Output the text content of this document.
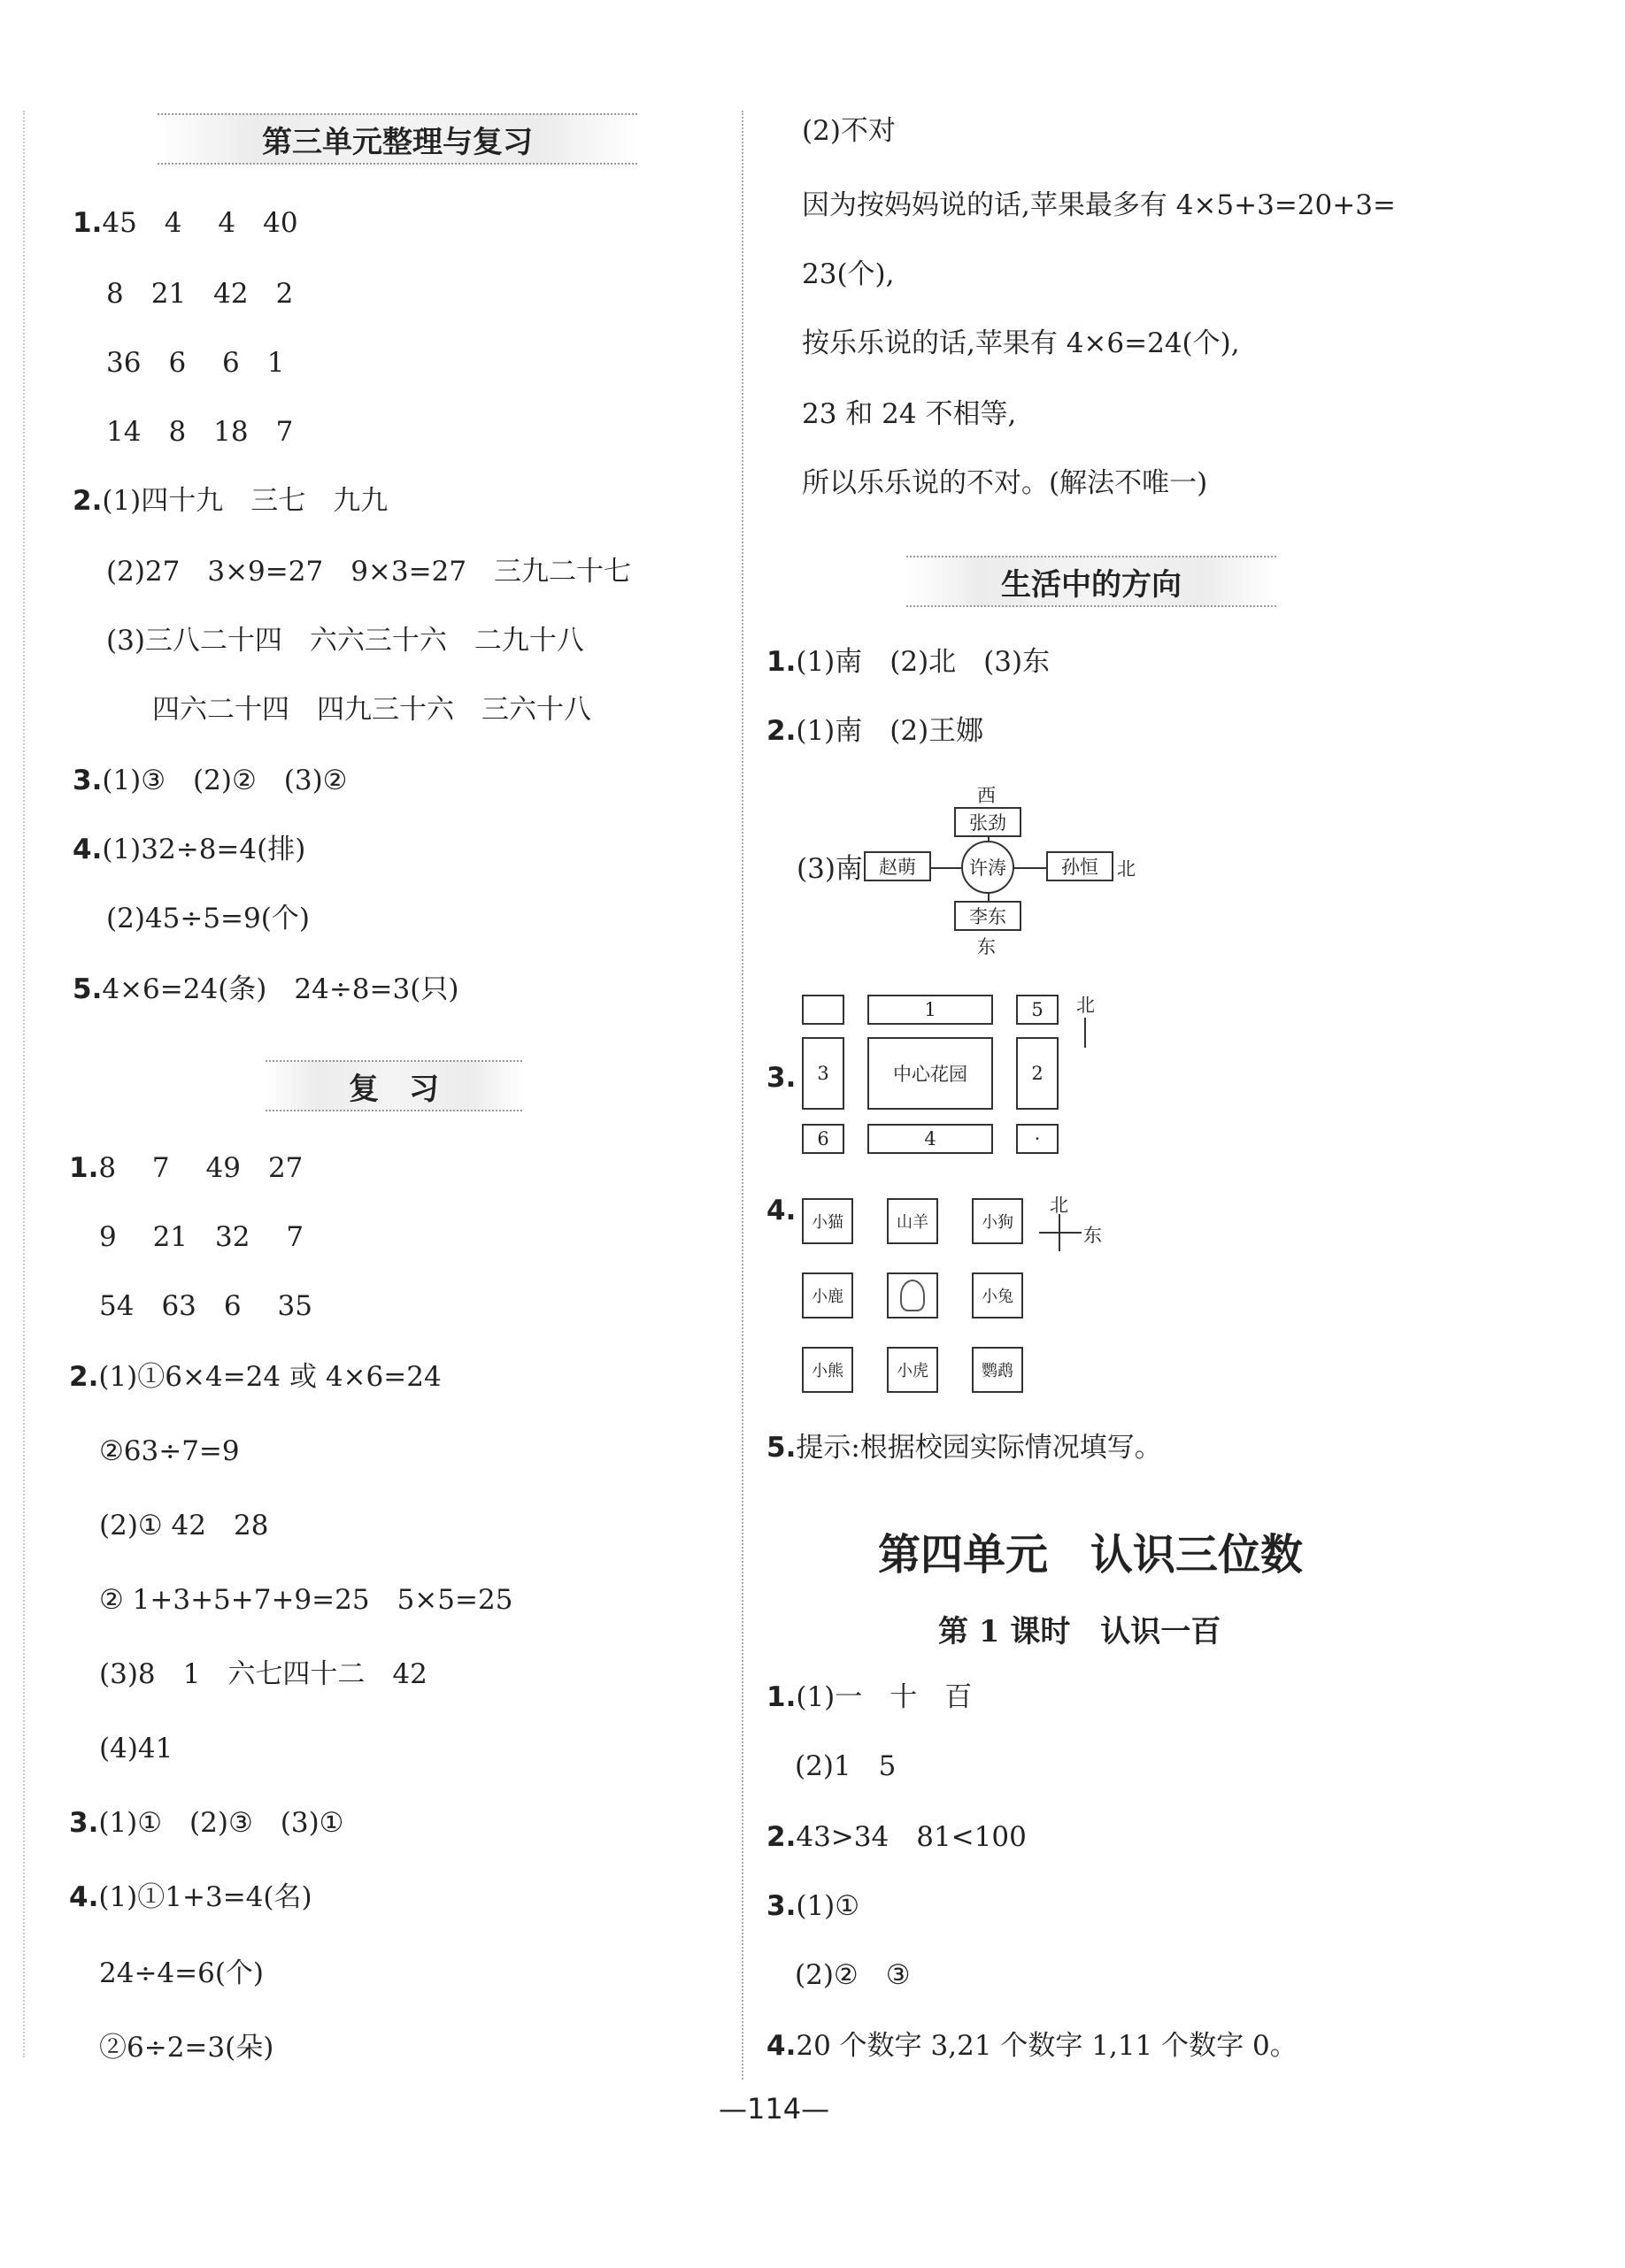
第三单元整理与复习
1.45　4　 4　40
8　21　42　2
36　6　 6　1
14　8　18　7
2.(1)四十九　三七　九九
(2)27　3×9=27　9×3=27　三九二十七
(3)三八二十四　六六三十六　二九十八
四六二十四　四九三十六　三六十八
3.(1)③　(2)②　(3)②
4.(1)32÷8=4(排)
(2)45÷5=9(个)
5.4×6=24(条)　24÷8=3(只)
复　习
1.8　 7　 49　27
9　 21　32　 7
54　63　6　 35
2.(1)①6×4=24 或 4×6=24
②63÷7=9
(2)① 42　28
② 1+3+5+7+9=25　5×5=25
(3)8　1　六七四十二　42
(4)41
3.(1)①　(2)③　(3)①
4.(1)①1+3=4(名)
24÷4=6(个)
②6÷2=3(朵)
(2)不对
因为按妈妈说的话,苹果最多有 4×5+3=20+3=
23(个),
按乐乐说的话,苹果有 4×6=24(个),
23 和 24 不相等,
所以乐乐说的不对。(解法不唯一)
生活中的方向
1.(1)南　(2)北　(3)东
2.(1)南　(2)王娜
西
张劲
(3)南 赵萌	许涛	孙恒	北
李东
东
3.
1	5	北
3	中心花园	2
6	4	·
4. 小猫	山羊	小狗
小鹿	小兔
小熊	小虎	鹦鹉
北
东
5.提示:根据校园实际情况填写。
第四单元　认识三位数
第 1 课时　认识一百
1.(1)一　十　百
(2)1　5
2.43>34　81<100
3.(1)①
(2)②　③
4.20 个数字 3,21 个数字 1,11 个数字 0。
—114—
